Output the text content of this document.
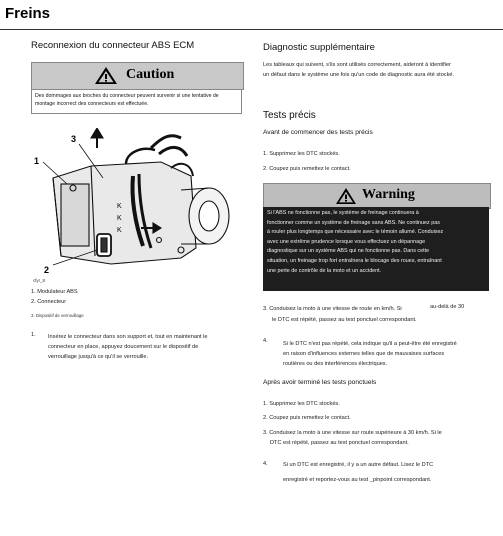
Freins
Reconnexion du connecteur ABS ECM
Caution
Des dommages aux broches du connecteur peuvent survenir si une tentative de montage incorrect des connecteurs est effectuée.
3
1
2
K
K
K
cfyr_8
1. Modulateur ABS
2. Connecteur
3. Dispositif de verrouillage
1. Insérez le connecteur dans son support et, tout en maintenant le
connecteur en place, appuyez doucement sur le dispositif de
verrouillage jusqu'à ce qu'il se verrouille.
Diagnostic supplémentaire
Les tableaux qui suivent, s'ils sont utilisés correctement, aideront à identifier
un défaut dans le système une fois qu'un code de diagnostic aura été stocké.
Tests précis
Avant de commencer des tests précis
1. Supprimez les DTC stockés.
2. Coupez puis remettez le contact.
Warning
Si l'ABS ne fonctionne pas, le système de freinage continuera à
fonctionner comme un système de freinage sans ABS. Ne continuez pas
à rouler plus longtemps que nécessaire avec le témoin allumé. Conduisez
avec une extrême prudence lorsque vous effectuez un dépannage
diagnostique sur un système ABS qui ne fonctionne pas. Dans cette
situation, un freinage trop fort entraînera le blocage des roues, entraînant
une perte de contrôle de la moto et un accident.
3. Conduisez la moto à une vitesse de route en km/h. Si	au-delà de 30
le DTC est répété, passez au test ponctuel correspondant.
4.	Si le DTC n'est pas répété, cela indique qu'il a peut-être été enregistré
en raison d'influences externes telles que de mauvaises surfaces
routières ou des interférences électriques.
Après avoir terminé les tests ponctuels
1. Supprimez les DTC stockés.
2. Coupez puis remettez le contact.
3. Conduisez la moto à une vitesse sur route supérieure à 30 km/h. Si le
DTC est répété, passez au test ponctuel correspondant.
4.	Si un DTC est enregistré, il y a un autre défaut. Lisez le DTC
enregistré et reportez-vous au test _pinpoint correspondant.
